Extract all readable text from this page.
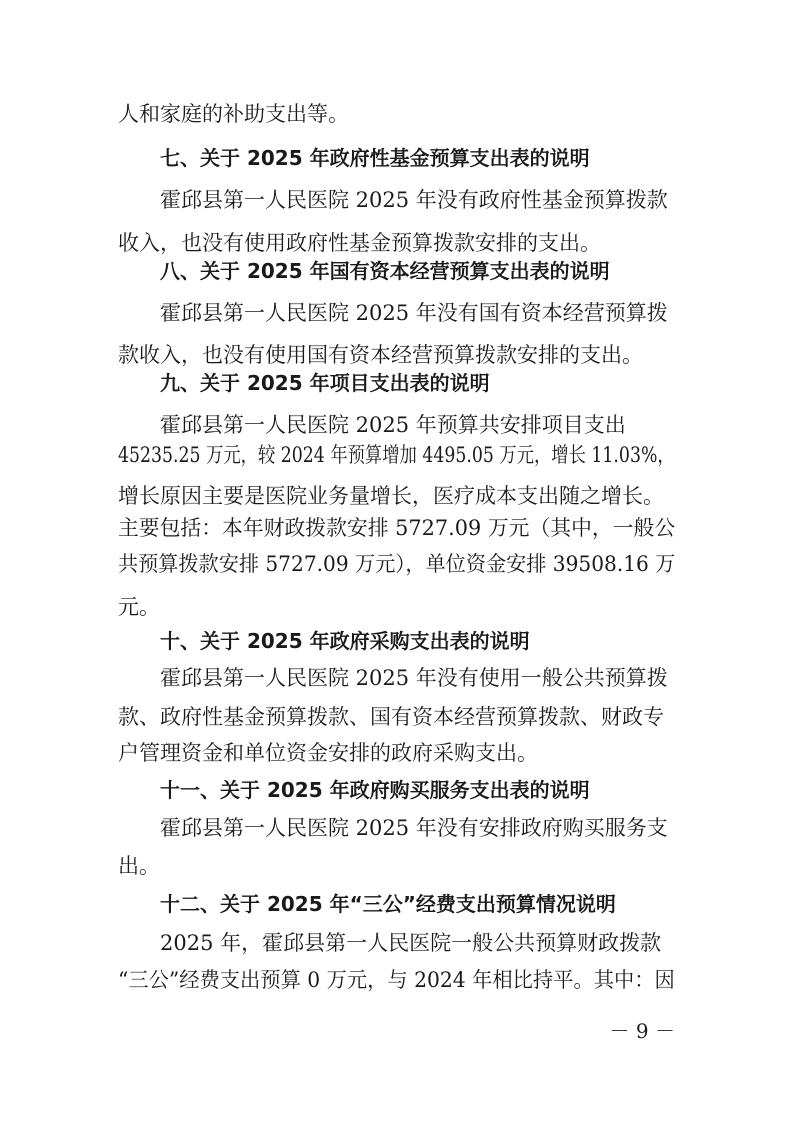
人和家庭的补助支出等。
七、关于 2025 年政府性基金预算支出表的说明
霍邱县第一人民医院 2025 年没有政府性基金预算拨款
收入，也没有使用政府性基金预算拨款安排的支出。
八、关于 2025 年国有资本经营预算支出表的说明
霍邱县第一人民医院 2025 年没有国有资本经营预算拨
款收入，也没有使用国有资本经营预算拨款安排的支出。
九、关于 2025 年项目支出表的说明
霍邱县第一人民医院 2025 年预算共安排项目支出
45235.25 万元，较 2024 年预算增加 4495.05 万元，增长 11.03%，
增长原因主要是医院业务量增长，医疗成本支出随之增长。
主要包括：本年财政拨款安排 5727.09 万元（其中，一般公
共预算拨款安排 5727.09 万元），单位资金安排 39508.16 万
元。
十、关于 2025 年政府采购支出表的说明
霍邱县第一人民医院 2025 年没有使用一般公共预算拨
款、政府性基金预算拨款、国有资本经营预算拨款、财政专
户管理资金和单位资金安排的政府采购支出。
十一、关于 2025 年政府购买服务支出表的说明
霍邱县第一人民医院 2025 年没有安排政府购买服务支
出。
十二、关于 2025 年“三公”经费支出预算情况说明
2025 年，霍邱县第一人民医院一般公共预算财政拨款
“三公”经费支出预算 0 万元，与 2024 年相比持平。其中：因
－ 9 －
